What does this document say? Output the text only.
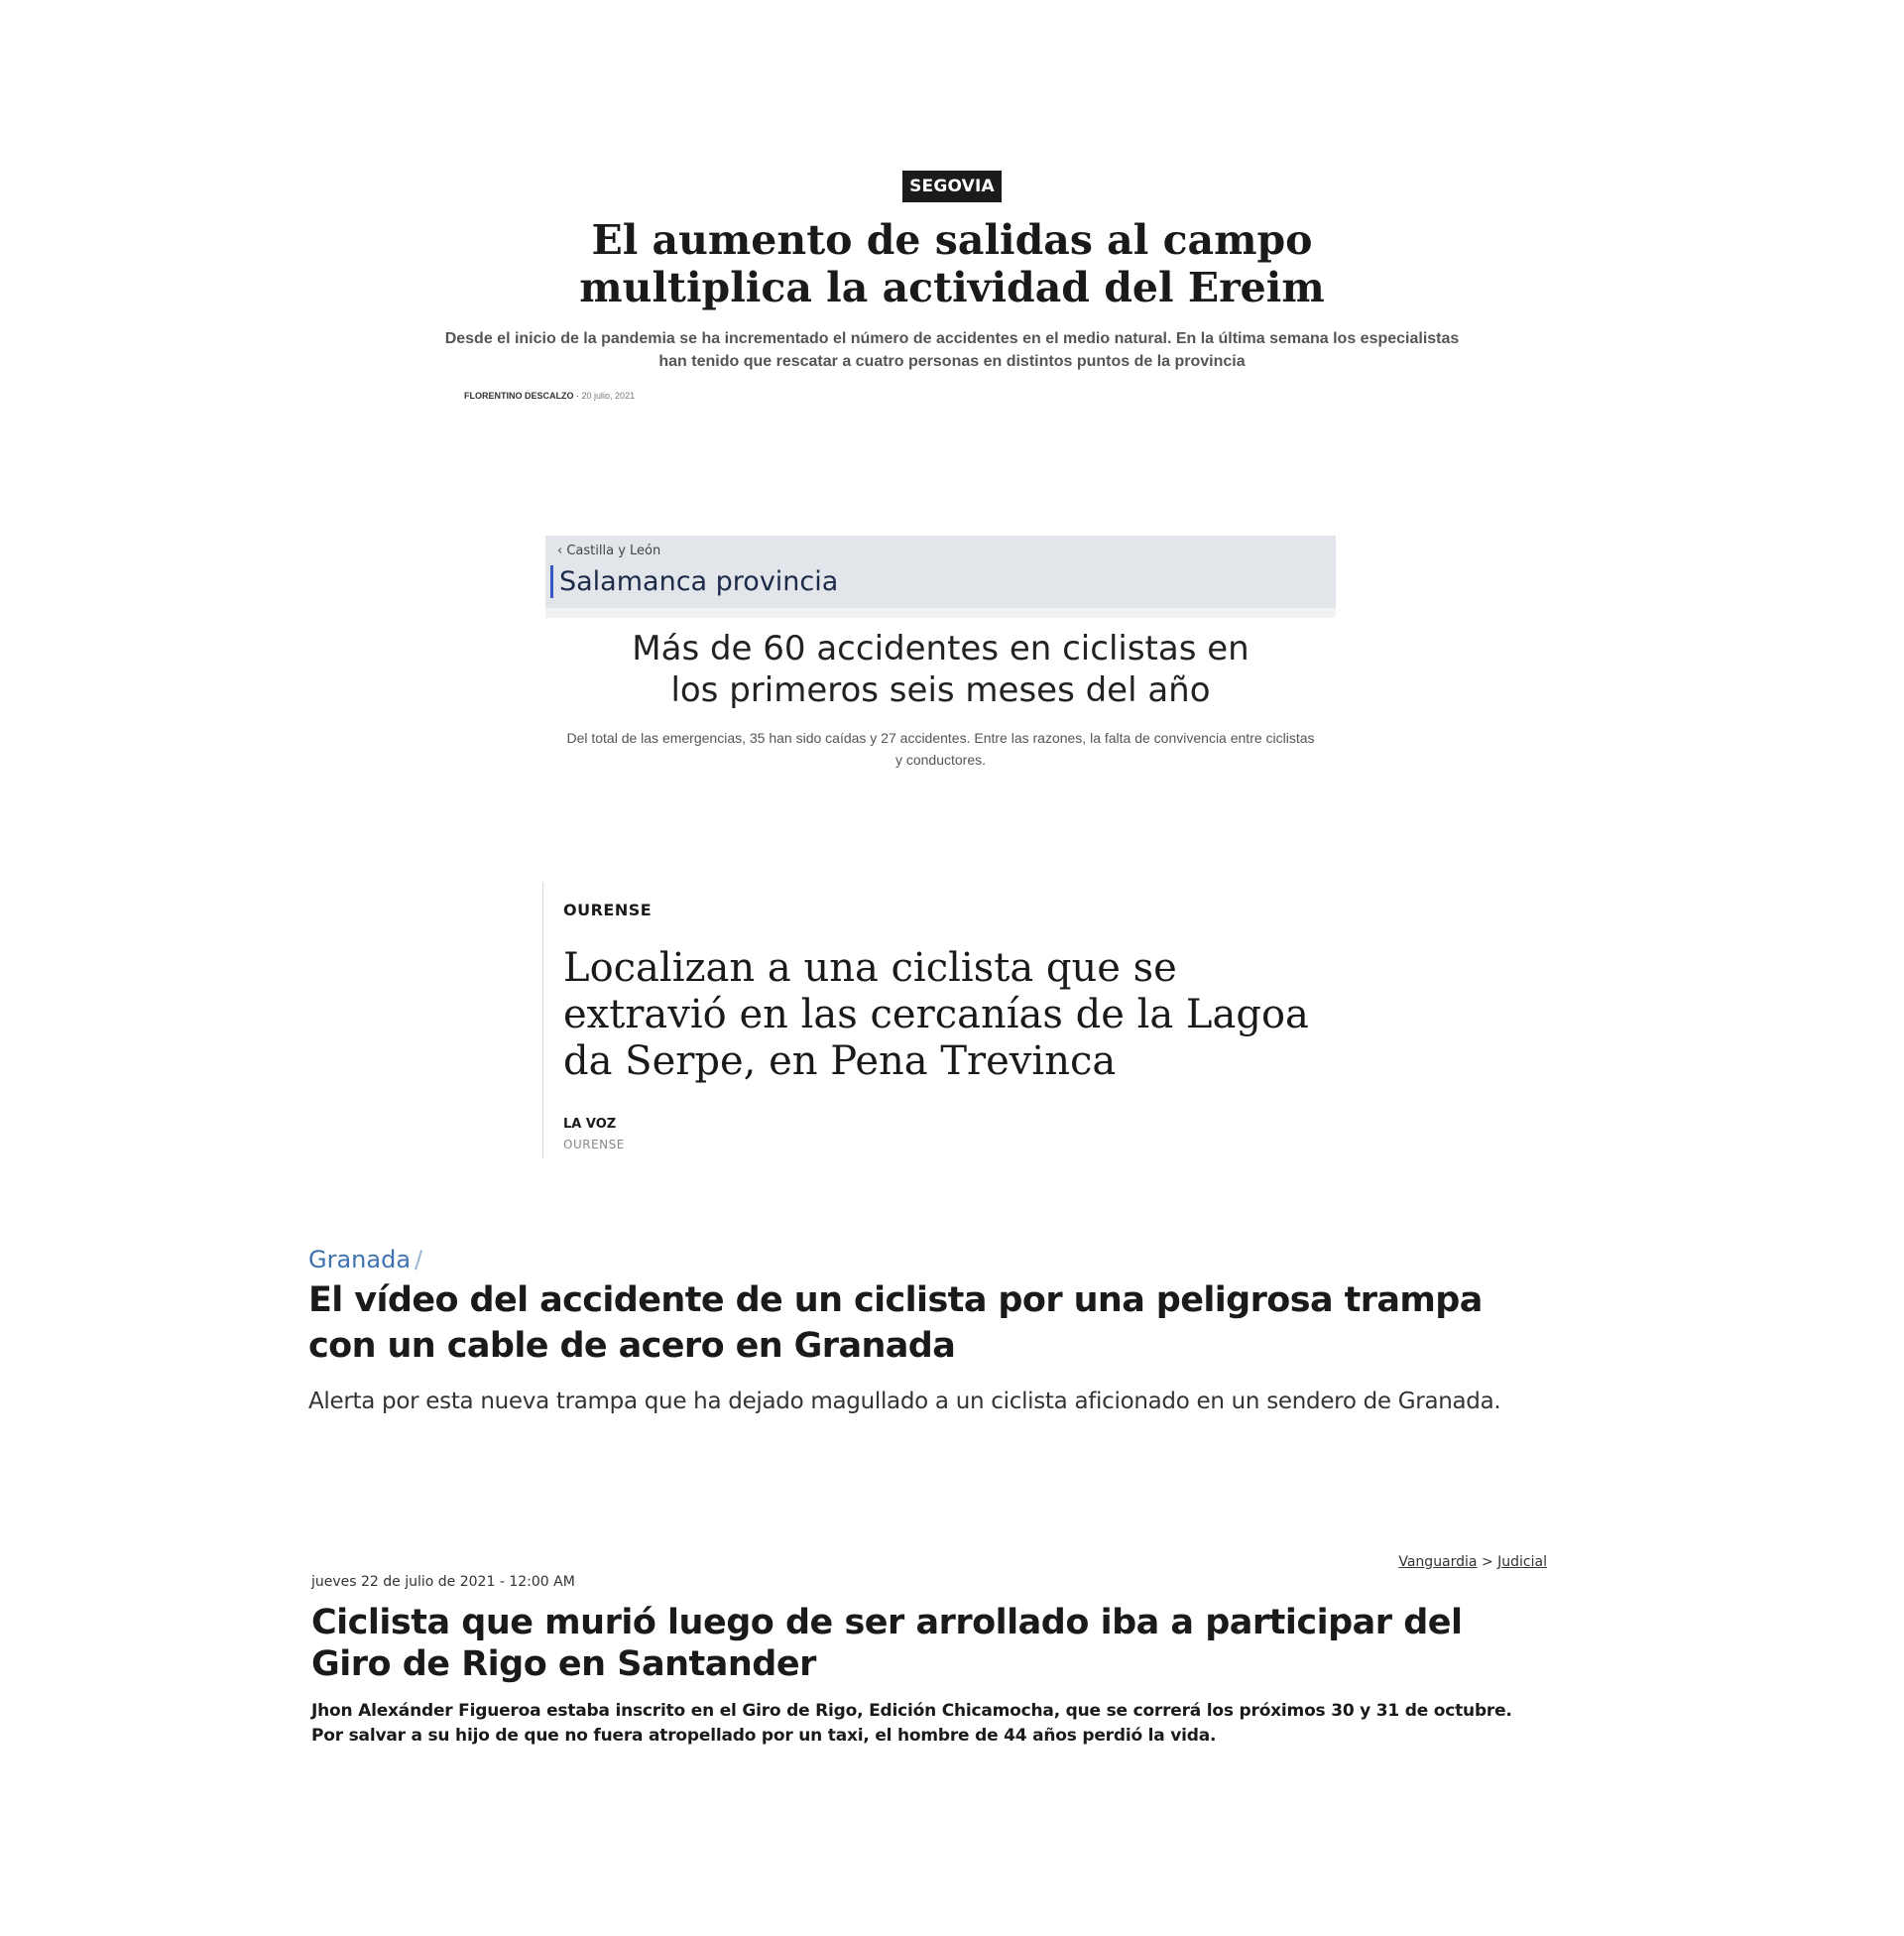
SEGOVIA
El aumento de salidas al campo multiplica la actividad del Ereim

Desde el inicio de la pandemia se ha incrementado el número de accidentes en el medio natural. En la última semana los especialistas han tenido que rescatar a cuatro personas en distintos puntos de la provincia

FLORENTINO DESCALZO · 20 julio, 2021
‹ Castilla y León
Salamanca provincia
Más de 60 accidentes en ciclistas en los primeros seis meses del año

Del total de las emergencias, 35 han sido caídas y 27 accidentes. Entre las razones, la falta de convivencia entre ciclistas y conductores.

OURENSE
Localizan a una ciclista que se extravió en las cercanías de la Lagoa da Serpe, en Pena Trevinca
LA VOZ
OURENSE
Granada /
El vídeo del accidente de un ciclista por una peligrosa trampa con un cable de acero en Granada
Alerta por esta nueva trampa que ha dejado magullado a un ciclista aficionado en un sendero de Granada.
Vanguardia > Judicial
jueves 22 de julio de 2021 - 12:00 AM
Ciclista que murió luego de ser arrollado iba a participar del Giro de Rigo en Santander
Jhon Alexánder Figueroa estaba inscrito en el Giro de Rigo, Edición Chicamocha, que se correrá los próximos 30 y 31 de octubre. Por salvar a su hijo de que no fuera atropellado por un taxi, el hombre de 44 años perdió la vida.
